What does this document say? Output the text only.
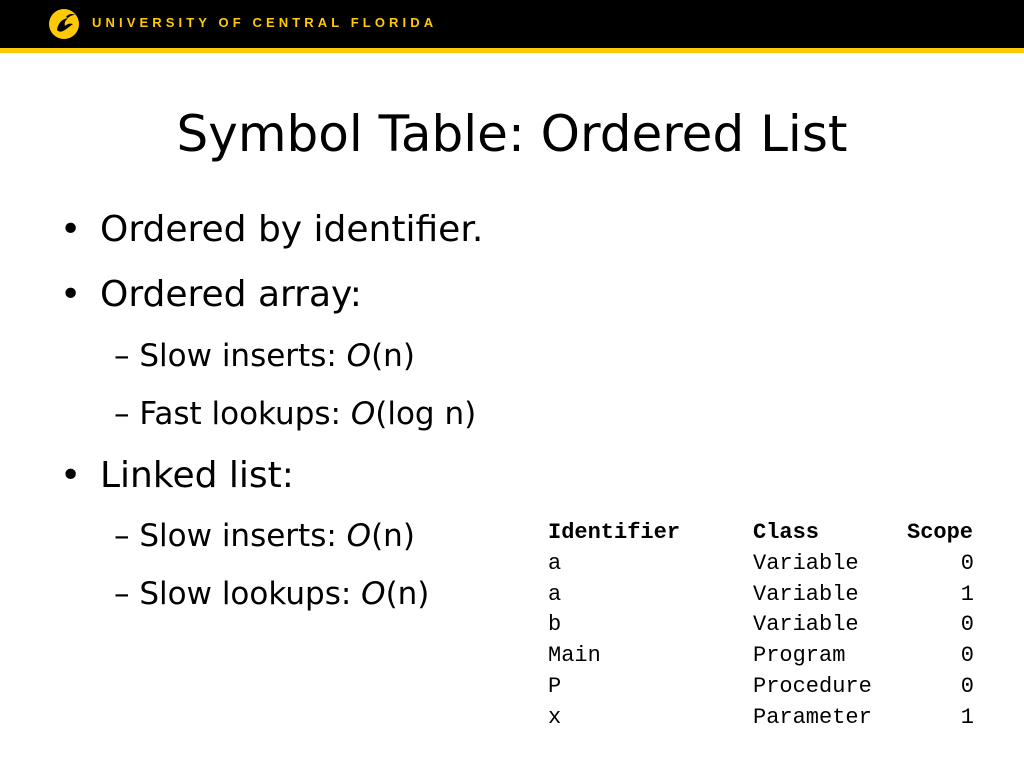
UNIVERSITY OF CENTRAL FLORIDA
Symbol Table: Ordered List
• Ordered by identifier.
• Ordered array:
– Slow inserts: O(n)
– Fast lookups: O(log n)
• Linked list:
– Slow inserts: O(n)
– Slow lookups: O(n)
Identifier	Class	Scope
a	Variable	0
a	Variable	1
b	Variable	0
Main	Program	0
P	Procedure	0
x	Parameter	1
